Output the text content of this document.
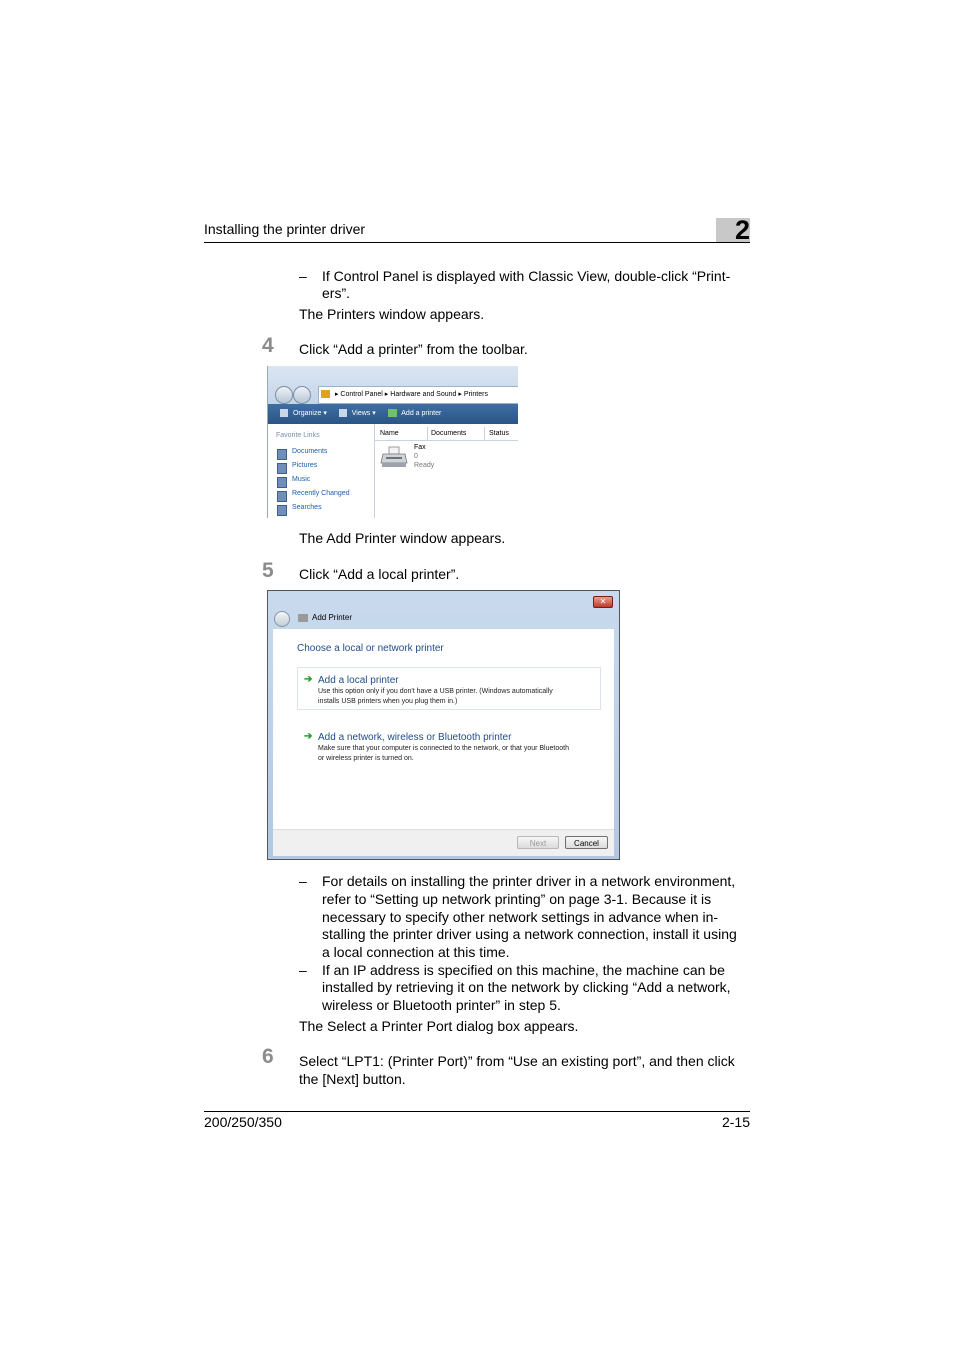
Installing the printer driver	2
– If Control Panel is displayed with Classic View, double-click “Print-
ers”.
The Printers window appears.
4 Click “Add a printer” from the toolbar.
▸ Control Panel ▸ Hardware and Sound ▸ Printers
Organize ▾	Views ▾	Add a printer
Favorite Links
Documents
Pictures
Music
Recently Changed
Searches
Name	Documents	Status
Fax
0
Ready
The Add Printer window appears.
5 Click “Add a local printer”.
✕
Add Printer
Choose a local or network printer
➔ Add a local printer
Use this option only if you don't have a USB printer. (Windows automatically
installs USB printers when you plug them in.)
➔ Add a network, wireless or Bluetooth printer
Make sure that your computer is connected to the network, or that your Bluetooth
or wireless printer is turned on.
Next	Cancel
– For details on installing the printer driver in a network environment,
refer to “Setting up network printing” on page 3-1. Because it is
necessary to specify other network settings in advance when in-
stalling the printer driver using a network connection, install it using
a local connection at this time.
– If an IP address is specified on this machine, the machine can be
installed by retrieving it on the network by clicking “Add a network,
wireless or Bluetooth printer” in step 5.
The Select a Printer Port dialog box appears.
6 Select “LPT1: (Printer Port)” from “Use an existing port”, and then click
the [Next] button.
200/250/350	2-15
